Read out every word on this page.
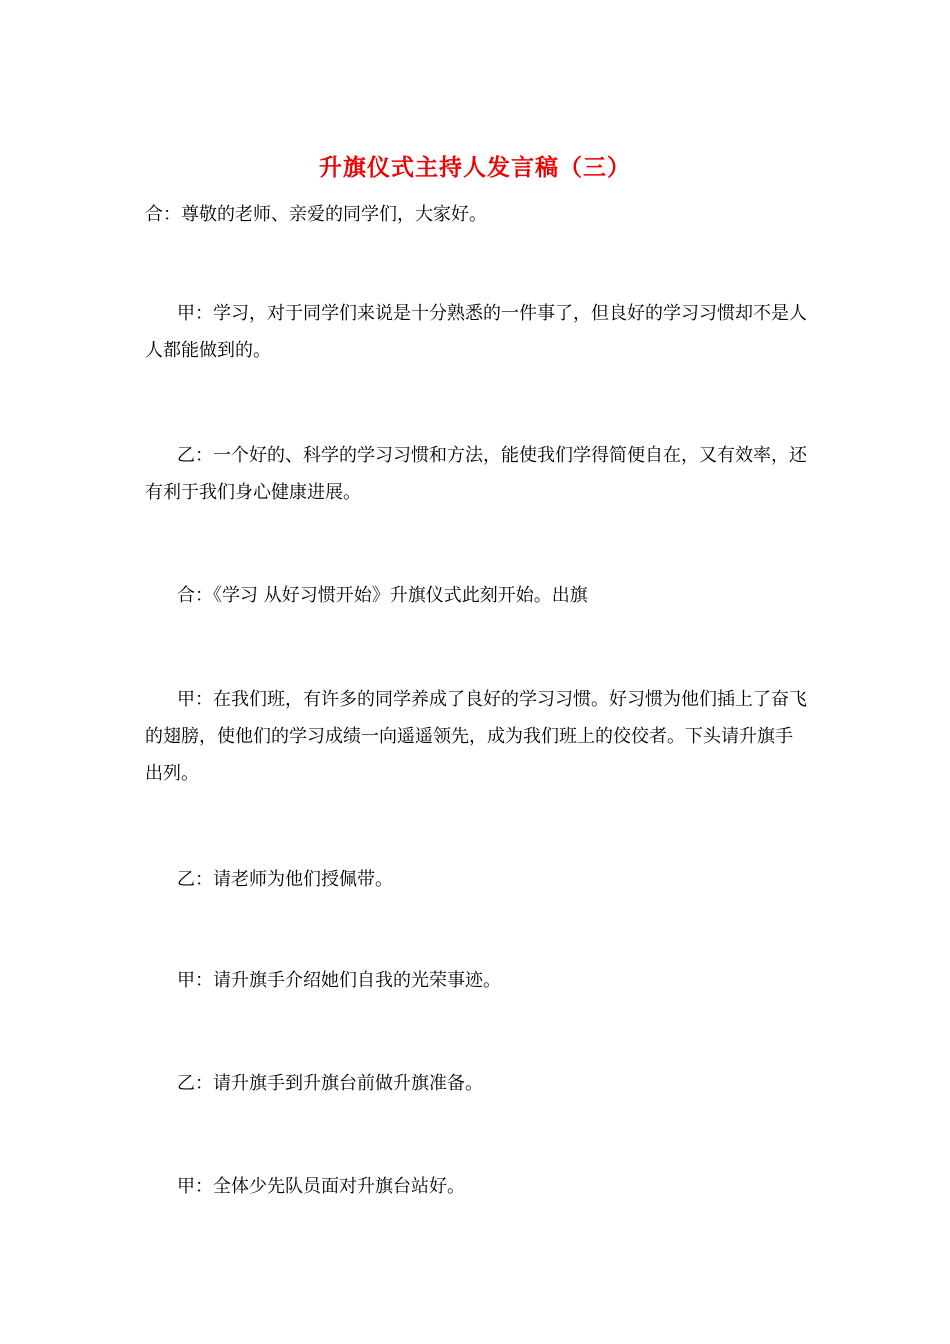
升旗仪式主持人发言稿（三）

合：尊敬的老师、亲爱的同学们，大家好。

甲：学习，对于同学们来说是十分熟悉的一件事了，但良好的学习习惯却不是人人都能做到的。

乙：一个好的、科学的学习习惯和方法，能使我们学得简便自在，又有效率，还有利于我们身心健康进展。

合：《学习 从好习惯开始》升旗仪式此刻开始。出旗

甲：在我们班，有许多的同学养成了良好的学习习惯。好习惯为他们插上了奋飞的翅膀，使他们的学习成绩一向遥遥领先，成为我们班上的佼佼者。下头请升旗手出列。

乙：请老师为他们授佩带。

甲：请升旗手介绍她们自我的光荣事迹。

乙：请升旗手到升旗台前做升旗准备。

甲：全体少先队员面对升旗台站好。
